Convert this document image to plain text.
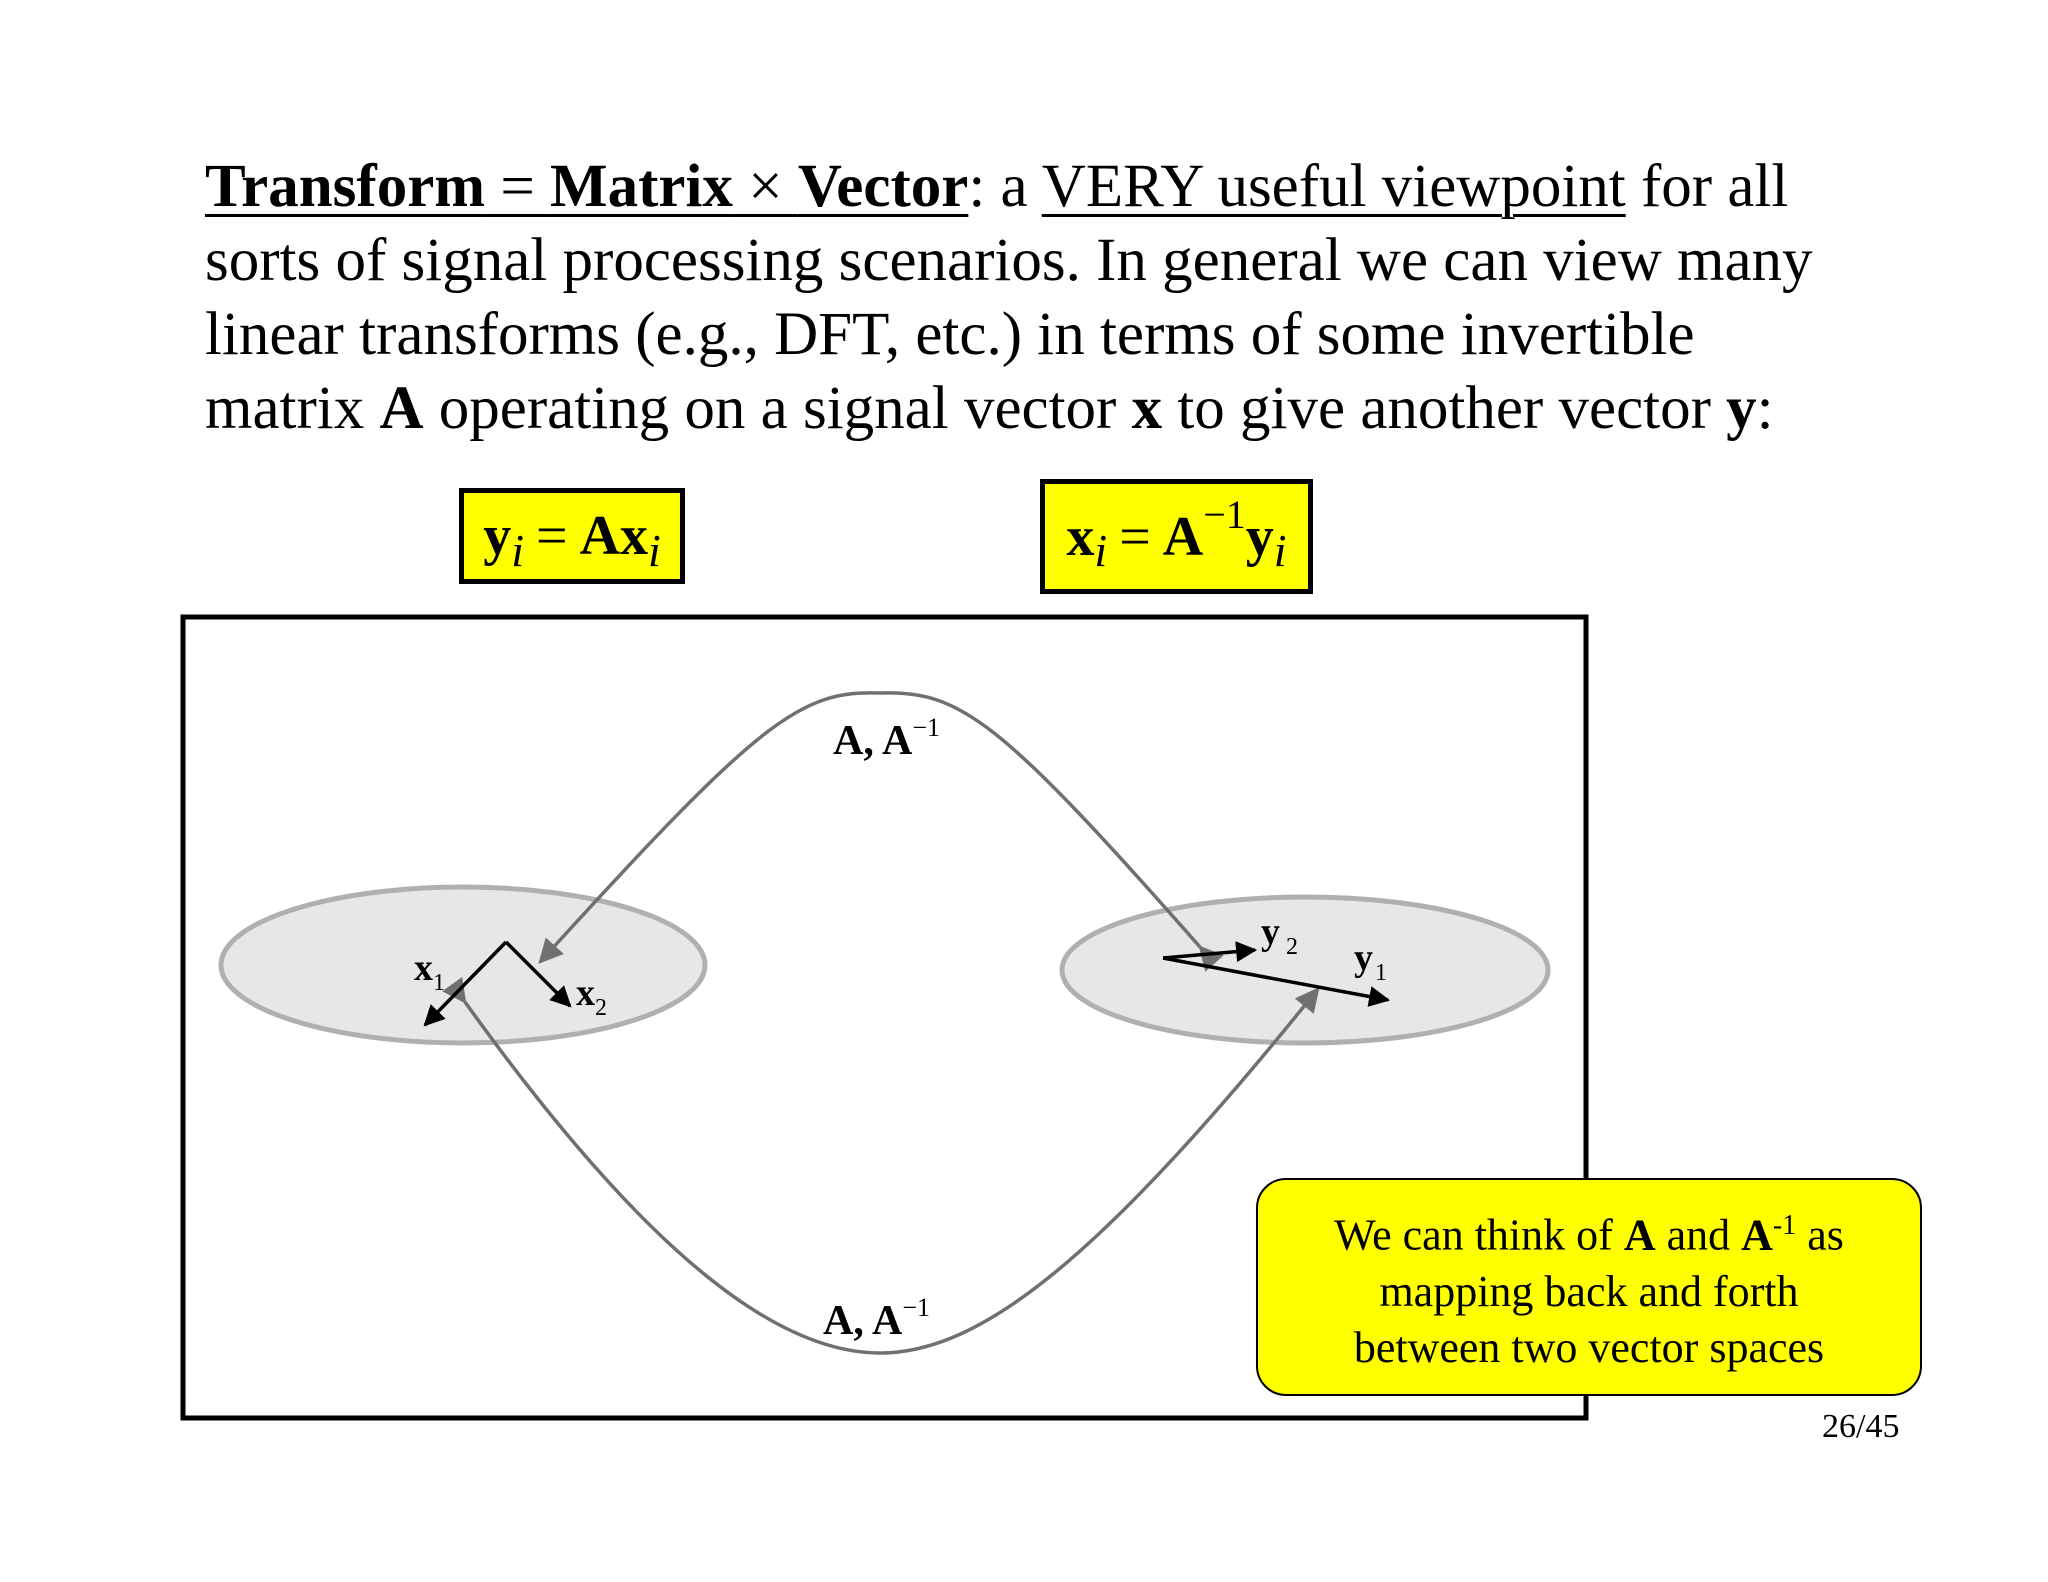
Transform = Matrix × Vector: a VERY useful viewpoint for all
sorts of signal processing scenarios. In general we can view many
linear transforms (e.g., DFT, etc.) in terms of some invertible
matrix A operating on a signal vector x to give another vector y:

y i = Ax i	x i = A −1 y i
A, $A^{-1}$
A, $A^{-1}$
$x_1$	$x_2$
y $_2$ $y_1$
We can think of A and $A^{-1}$ as
mapping back and forth
between two vector spaces
26/45
